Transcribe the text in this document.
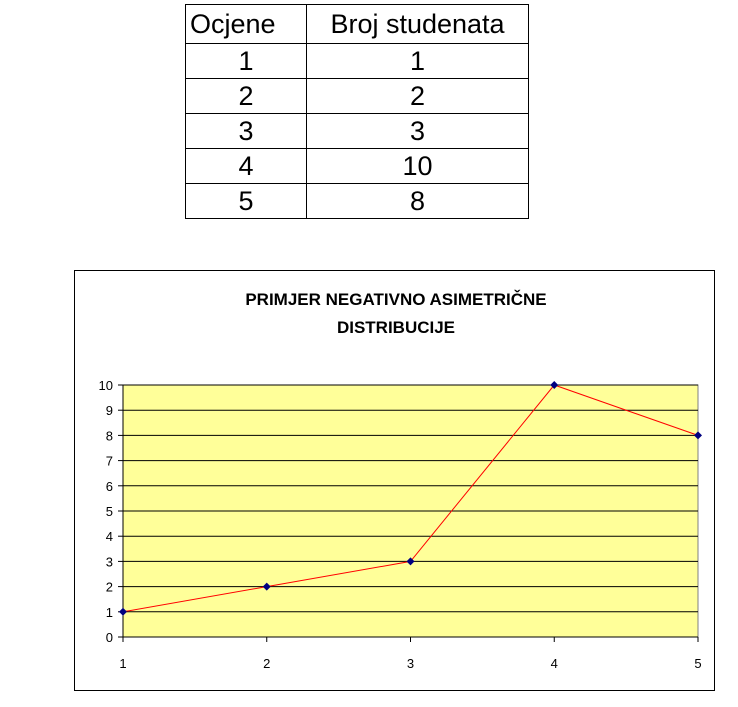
Ocjene	Broj studenata
1	1
2	2
3	3
4	10
5	8
PRIMJER NEGATIVNO ASIMETRIČNE
DISTRIBUCIJE
0
1
2
3
4
5
6
7
8
9
10
1	2	3	4	5
